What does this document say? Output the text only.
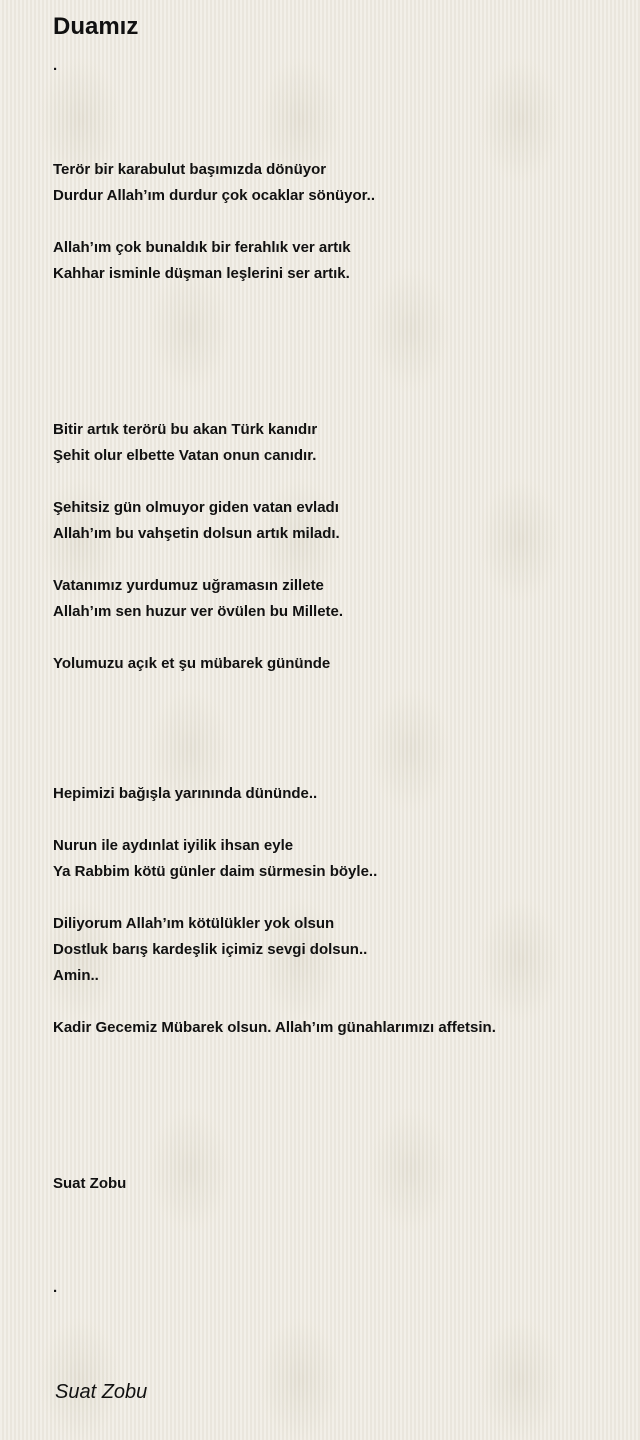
Duamız
.

Terör bir karabulut başımızda dönüyor
Durdur Allah’ım durdur çok ocaklar sönüyor..

Allah’ım çok bunaldık bir ferahlık ver artık
Kahhar isminle düşman leşlerini ser artık.

Bitir artık terörü bu akan Türk kanıdır
Şehit olur elbette Vatan onun canıdır.

Şehitsiz gün olmuyor giden vatan evladı
Allah’ım bu vahşetin dolsun artık miladı.

Vatanımız yurdumuz uğramasın zillete
Allah’ım sen huzur ver övülen bu Millete.

Yolumuzu açık et şu mübarek gününde

Hepimizi bağışla yarınında dününde..

Nurun ile aydınlat iyilik ihsan eyle
Ya Rabbim kötü günler daim sürmesin böyle..

Diliyorum Allah’ım kötülükler yok olsun
Dostluk barış kardeşlik içimiz sevgi dolsun..
Amin..

Kadir Gecemiz Mübarek olsun. Allah’ım günahlarımızı affetsin.

Suat Zobu

.
Suat Zobu
